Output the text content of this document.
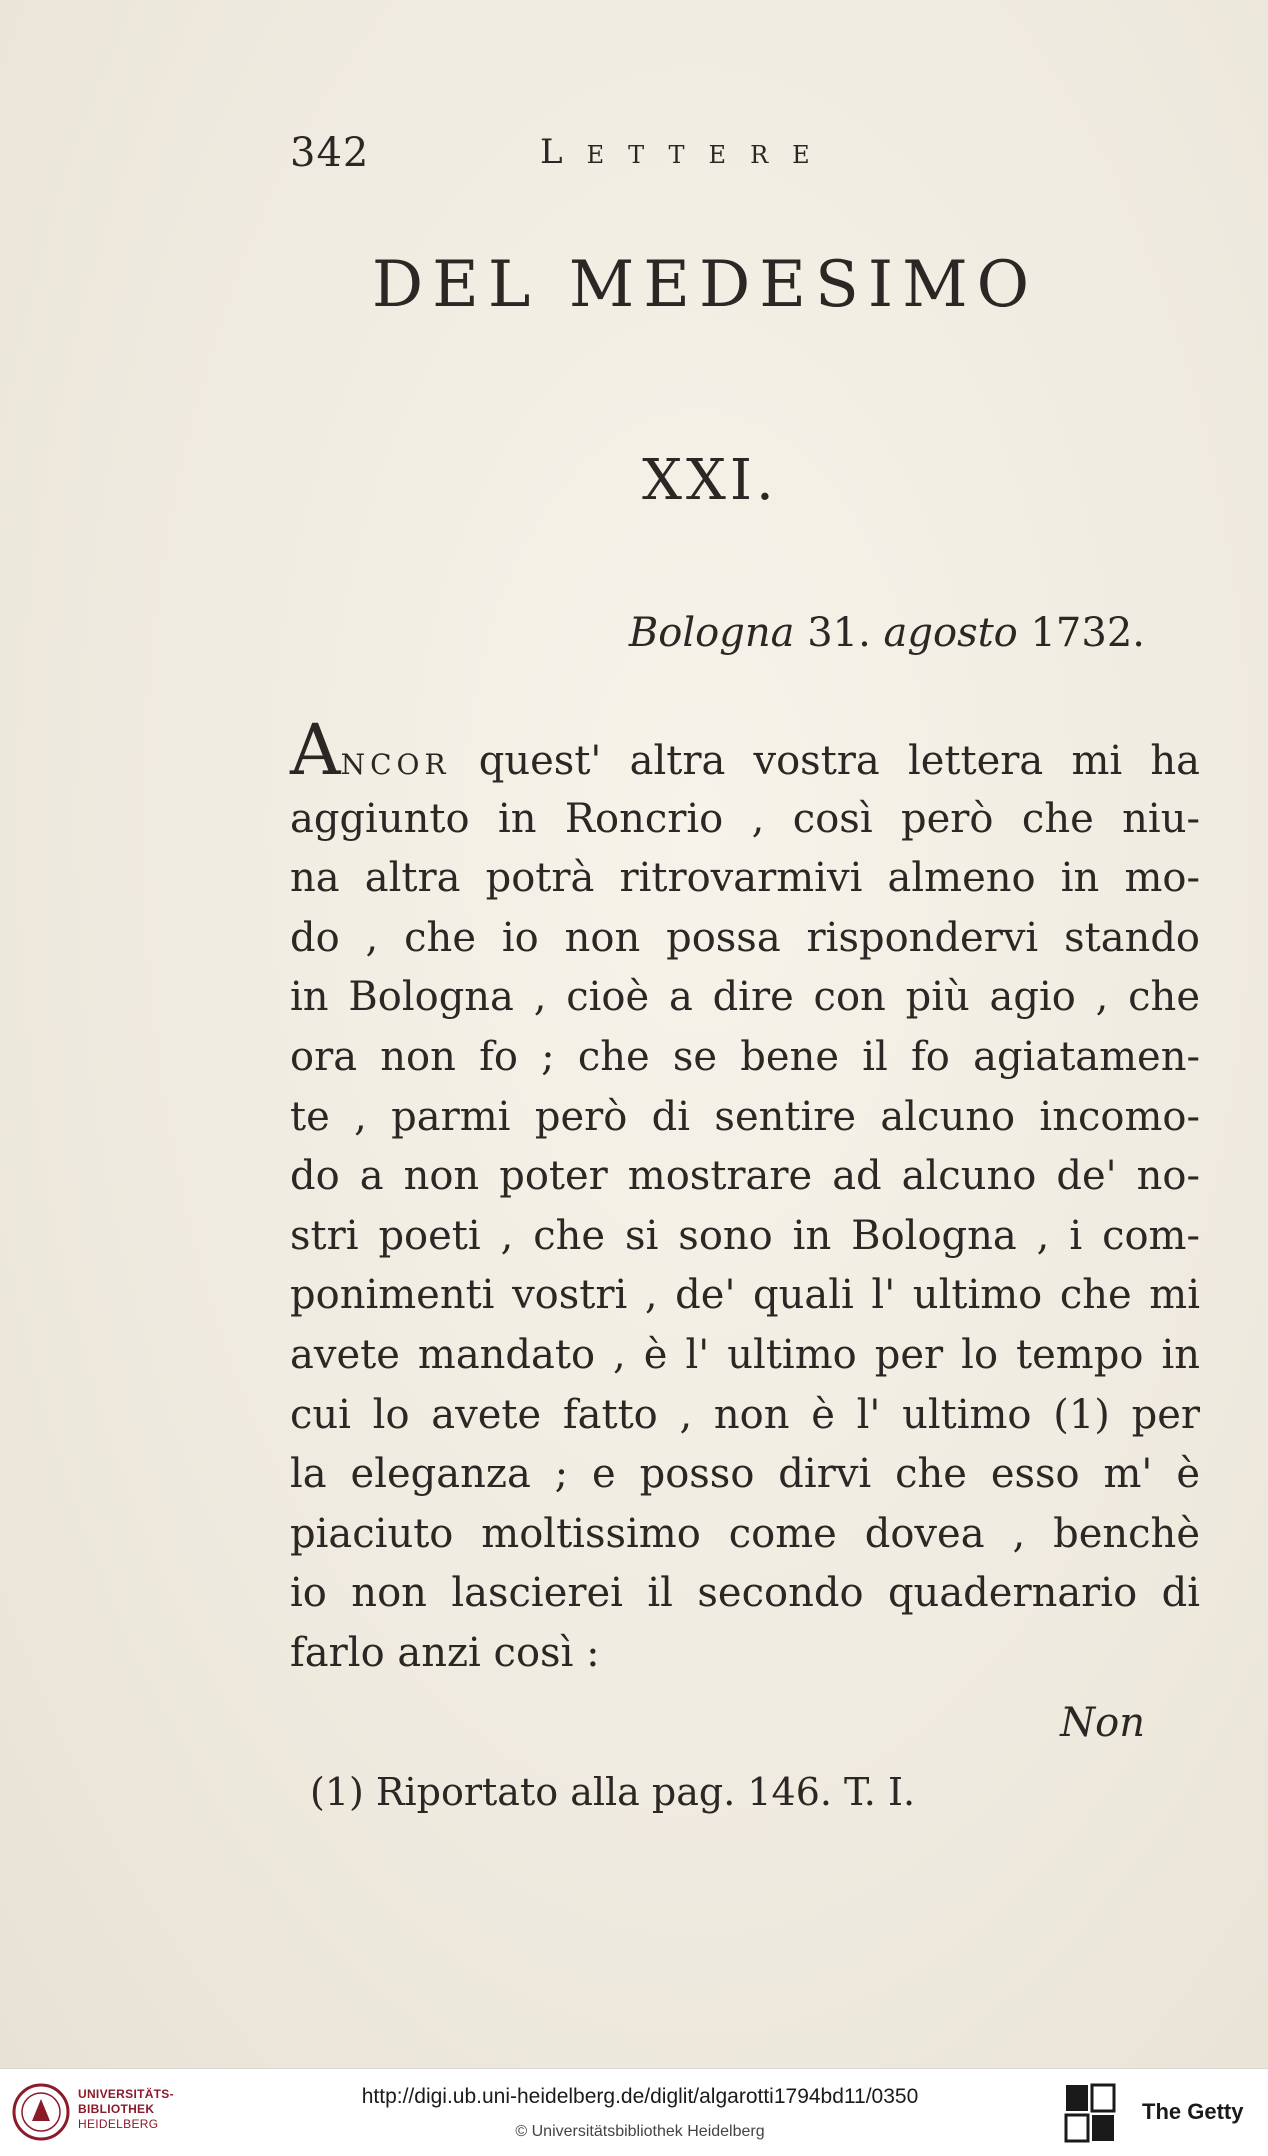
342	Lettere
DEL MEDESIMO
XXI.
Bologna 31. agosto 1732.
Ancor quest' altra vostra lettera mi ha
aggiunto in Roncrio , così però che niu-
na altra potrà ritrovarmivi almeno in mo-
do , che io non possa rispondervi stando
in Bologna , cioè a dire con più agio , che
ora non fo ; che se bene il fo agiatamen-
te , parmi però di sentire alcuno incomo-
do a non poter mostrare ad alcuno de' no-
stri poeti , che si sono in Bologna , i com-
ponimenti vostri , de' quali l' ultimo che mi
avete mandato , è l' ultimo per lo tempo in
cui lo avete fatto , non è l' ultimo (1) per
la eleganza ; e posso dirvi che esso m' è
piaciuto moltissimo come dovea , benchè
io non lascierei il secondo quadernario di
farlo anzi così :
Non
(1) Riportato alla pag. 146. T. I.
UNIVERSITÄTS-
BIBLIOTHEK
HEIDELBERG
http://digi.ub.uni-heidelberg.de/diglit/algarotti1794bd11/0350
© Universitätsbibliothek Heidelberg
The Getty
